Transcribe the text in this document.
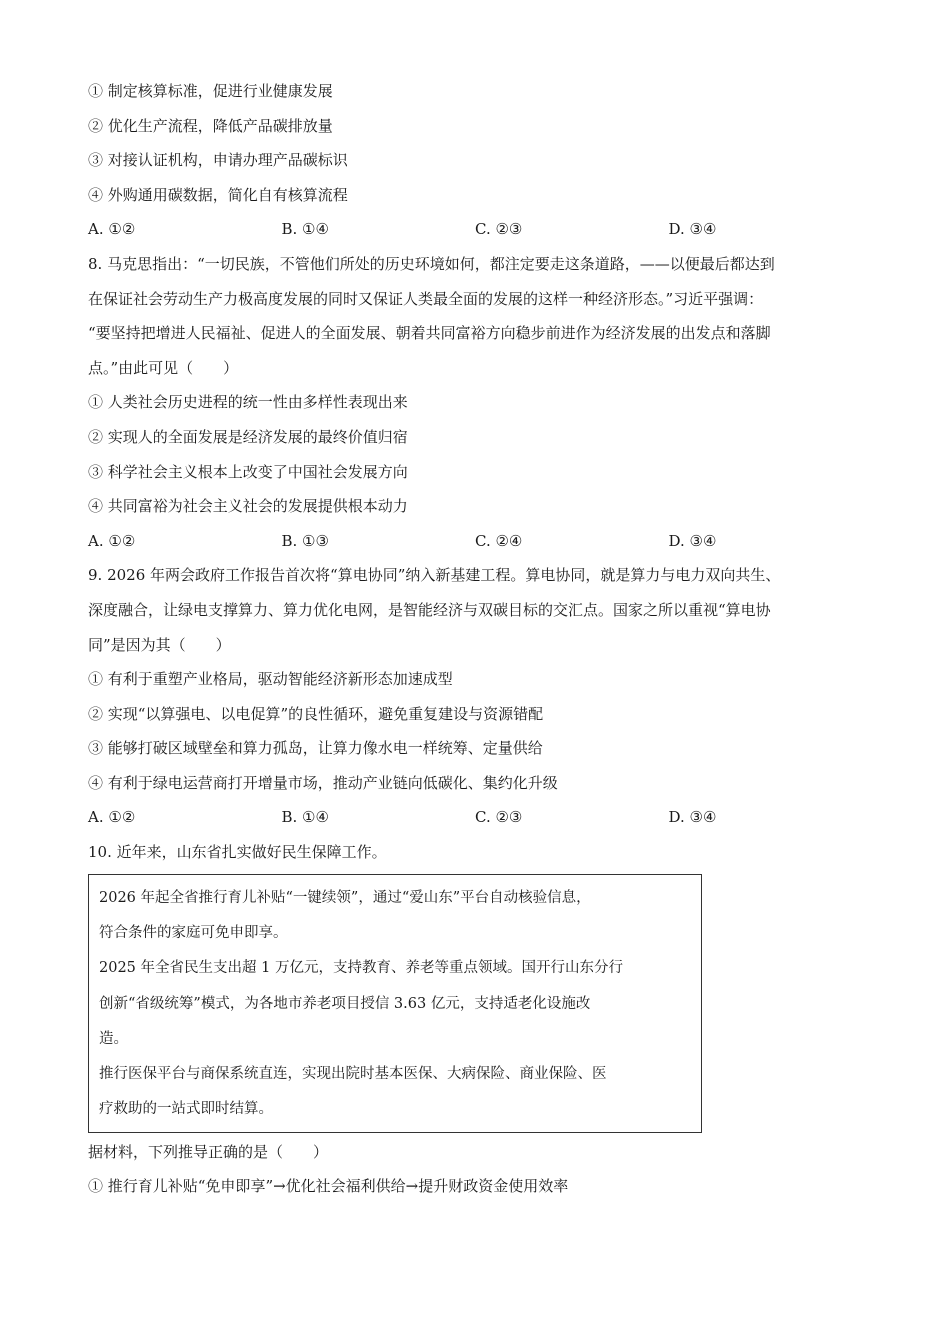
① 制定核算标准，促进行业健康发展
② 优化生产流程，降低产品碳排放量
③ 对接认证机构，申请办理产品碳标识
④ 外购通用碳数据，简化自有核算流程
A. ①②	B. ①④	C. ②③	D. ③④
8. 马克思指出：“一切民族，不管他们所处的历史环境如何，都注定要走这条道路，——以便最后都达到
在保证社会劳动生产力极高度发展的同时又保证人类最全面的发展的这样一种经济形态。”习近平强调：
“要坚持把增进人民福祉、促进人的全面发展、朝着共同富裕方向稳步前进作为经济发展的出发点和落脚
点。”由此可见（　　）
① 人类社会历史进程的统一性由多样性表现出来
② 实现人的全面发展是经济发展的最终价值归宿
③ 科学社会主义根本上改变了中国社会发展方向
④ 共同富裕为社会主义社会的发展提供根本动力
A. ①②	B. ①③	C. ②④	D. ③④
9. 2026 年两会政府工作报告首次将“算电协同”纳入新基建工程。算电协同，就是算力与电力双向共生、
深度融合，让绿电支撑算力、算力优化电网，是智能经济与双碳目标的交汇点。国家之所以重视“算电协
同”是因为其（　　）
① 有利于重塑产业格局，驱动智能经济新形态加速成型
② 实现“以算强电、以电促算”的良性循环，避免重复建设与资源错配
③ 能够打破区域壁垒和算力孤岛，让算力像水电一样统筹、定量供给
④ 有利于绿电运营商打开增量市场，推动产业链向低碳化、集约化升级
A. ①②	B. ①④	C. ②③	D. ③④
10. 近年来，山东省扎实做好民生保障工作。
2026 年起全省推行育儿补贴“一键续领”，通过“爱山东”平台自动核验信息，
符合条件的家庭可免申即享。
2025 年全省民生支出超 1 万亿元，支持教育、养老等重点领域。国开行山东分行
创新“省级统筹”模式，为各地市养老项目授信 3.63 亿元，支持适老化设施改
造。
推行医保平台与商保系统直连，实现出院时基本医保、大病保险、商业保险、医
疗救助的一站式即时结算。
据材料，下列推导正确的是（　　）
① 推行育儿补贴“免申即享”→优化社会福利供给→提升财政资金使用效率
